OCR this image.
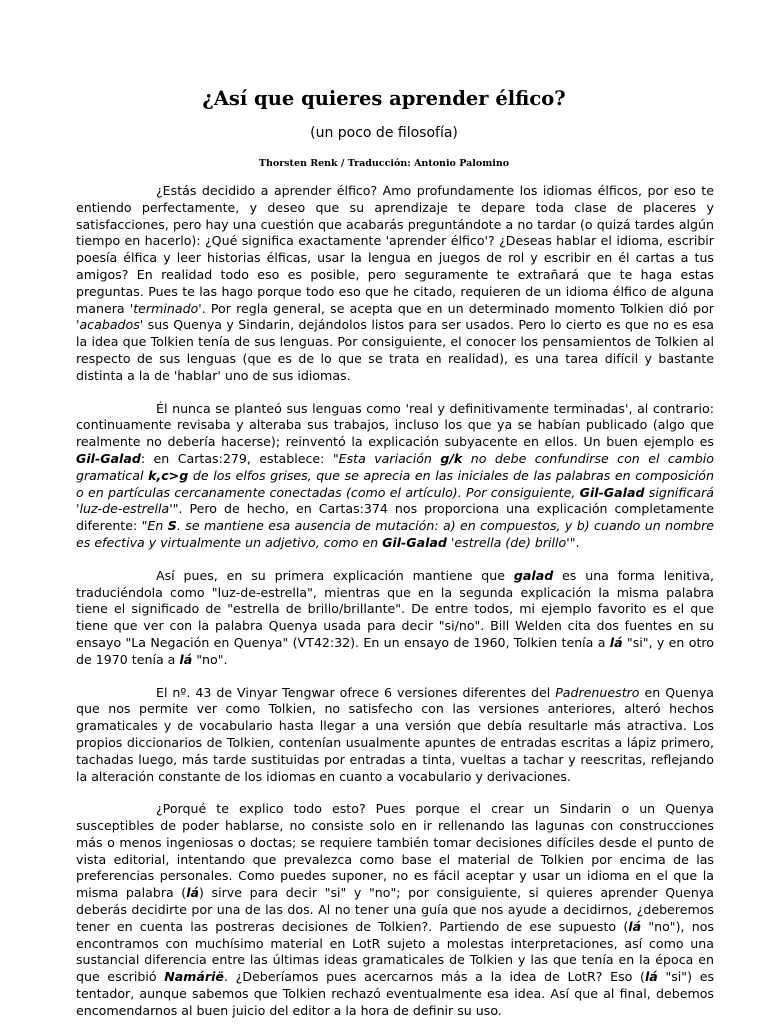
¿Así que quieres aprender élfico?
(un poco de filosofía)
Thorsten Renk / Traducción: Antonio Palomino

¿Estás decidido a aprender élfico? Amo profundamente los idiomas élficos, por eso te entiendo perfectamente, y deseo que su aprendizaje te depare toda clase de placeres y satisfacciones, pero hay una cuestión que acabarás preguntándote a no tardar (o quizá tardes algún tiempo en hacerlo): ¿Qué significa exactamente 'aprender élfico'? ¿Deseas hablar el idioma, escribir poesía élfica y leer historias élficas, usar la lengua en juegos de rol y escribir en él cartas a tus amigos? En realidad todo eso es posible, pero seguramente te extrañará que te haga estas preguntas. Pues te las hago porque todo eso que he citado, requieren de un idioma élfico de alguna manera 'terminado'. Por regla general, se acepta que en un determinado momento Tolkien dió por 'acabados' sus Quenya y Sindarin, dejándolos listos para ser usados. Pero lo cierto es que no es esa la idea que Tolkien tenía de sus lenguas. Por consiguiente, el conocer los pensamientos de Tolkien al respecto de sus lenguas (que es de lo que se trata en realidad), es una tarea difícil y bastante distinta a la de 'hablar' uno de sus idiomas.

Él nunca se planteó sus lenguas como 'real y definitivamente terminadas', al contrario: continuamente revisaba y alteraba sus trabajos, incluso los que ya se habían publicado (algo que realmente no debería hacerse); reinventó la explicación subyacente en ellos. Un buen ejemplo es Gil-Galad: en Cartas:279, establece: "Esta variación g/k no debe confundirse con el cambio gramatical k,c>g de los elfos grises, que se aprecia en las iniciales de las palabras en composición o en partículas cercanamente conectadas (como el artículo). Por consiguiente, Gil-Galad significará 'luz-de-estrella'". Pero de hecho, en Cartas:374 nos proporciona una explicación completamente diferente: "En S. se mantiene esa ausencia de mutación: a) en compuestos, y b) cuando un nombre es efectiva y virtualmente un adjetivo, como en Gil-Galad 'estrella (de) brillo'".

Así pues, en su primera explicación mantiene que galad es una forma lenitiva, traduciéndola como "luz-de-estrella", mientras que en la segunda explicación la misma palabra tiene el significado de "estrella de brillo/brillante". De entre todos, mi ejemplo favorito es el que tiene que ver con la palabra Quenya usada para decir "si/no". Bill Welden cita dos fuentes en su ensayo "La Negación en Quenya" (VT42:32). En un ensayo de 1960, Tolkien tenía a lá "si", y en otro de 1970 tenía a lá "no".

El nº. 43 de Vinyar Tengwar ofrece 6 versiones diferentes del Padrenuestro en Quenya que nos permite ver como Tolkien, no satisfecho con las versiones anteriores, alteró hechos gramaticales y de vocabulario hasta llegar a una versión que debía resultarle más atractiva. Los propios diccionarios de Tolkien, contenían usualmente apuntes de entradas escritas a lápiz primero, tachadas luego, más tarde sustituidas por entradas a tinta, vueltas a tachar y reescritas, reflejando la alteración constante de los idiomas en cuanto a vocabulario y derivaciones.

¿Porqué te explico todo esto? Pues porque el crear un Sindarin o un Quenya susceptibles de poder hablarse, no consiste solo en ir rellenando las lagunas con construcciones más o menos ingeniosas o doctas; se requiere también tomar decisiones difíciles desde el punto de vista editorial, intentando que prevalezca como base el material de Tolkien por encima de las preferencias personales. Como puedes suponer, no es fácil aceptar y usar un idioma en el que la misma palabra (lá) sirve para decir "si" y "no"; por consiguiente, si quieres aprender Quenya deberás decidirte por una de las dos. Al no tener una guía que nos ayude a decidirnos, ¿deberemos tener en cuenta las postreras decisiones de Tolkien?. Partiendo de ese supuesto (lá "no"), nos encontramos con muchísimo material en LotR sujeto a molestas interpretaciones, así como una sustancial diferencia entre las últimas ideas gramaticales de Tolkien y las que tenía en la época en que escribió Namárië. ¿Deberíamos pues acercarnos más a la idea de LotR? Eso (lá "si") es tentador, aunque sabemos que Tolkien rechazó eventualmente esa idea. Así que al final, debemos encomendarnos al buen juicio del editor a la hora de definir su uso.
